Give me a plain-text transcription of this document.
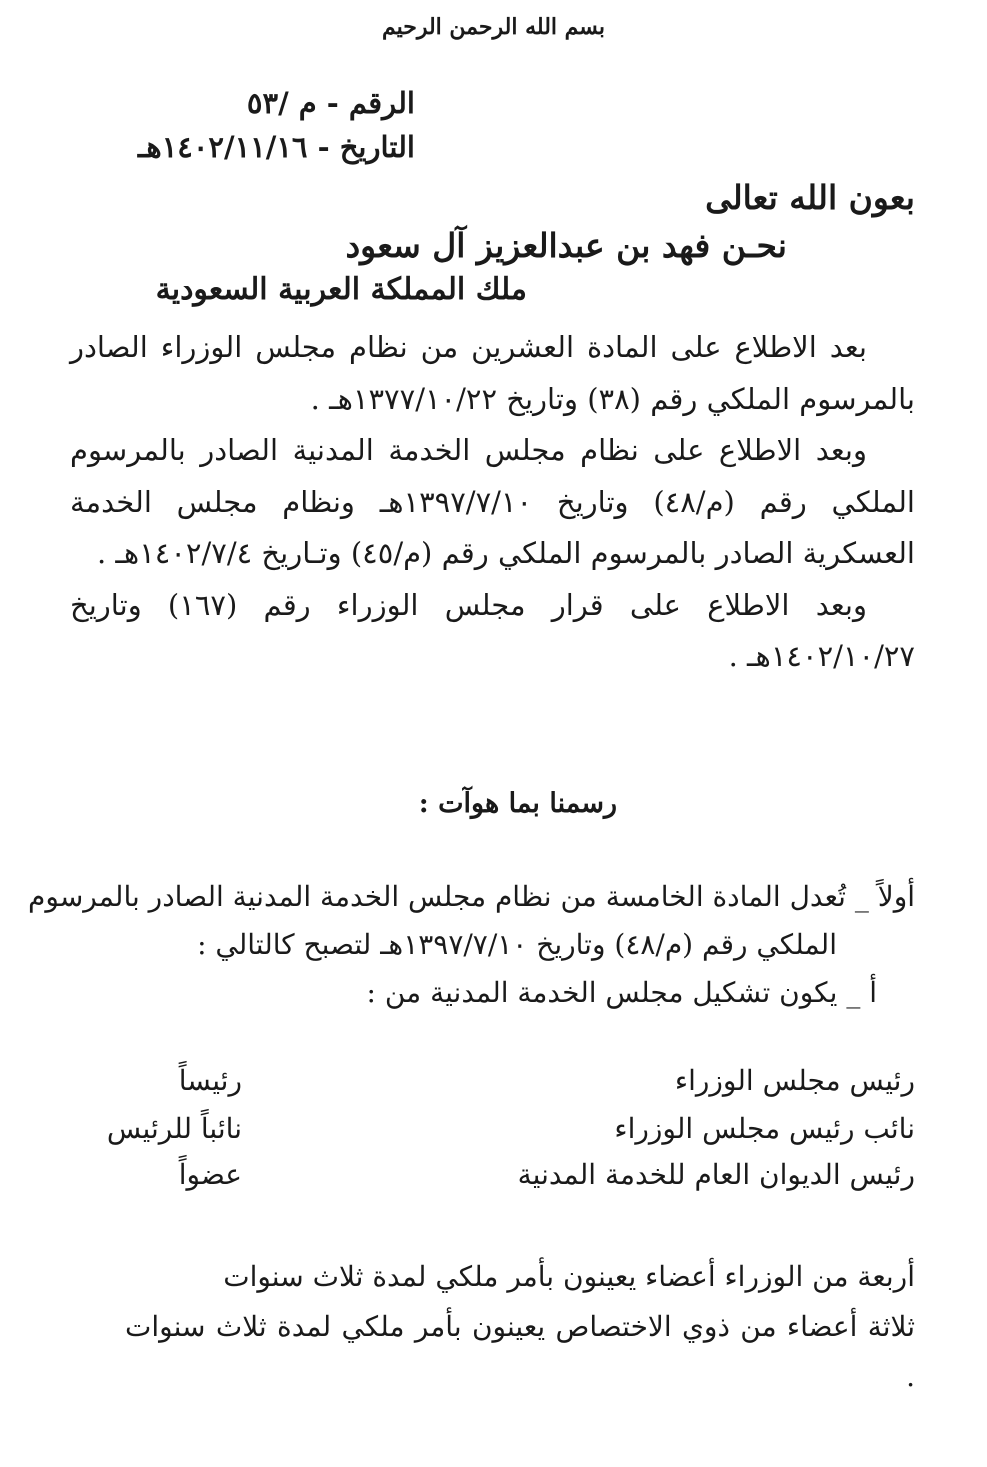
بسم الله الرحمن الرحيم
الرقم - م /٥٣
التاريخ - ١٤٠٢/١١/١٦هـ
بعون الله تعالى
نحـن فهد بن عبدالعزيز آل سعود
ملك المملكة العربية السعودية

بعد الاطلاع على المادة العشرين من نظام مجلس الوزراء الصادر بالمرسوم الملكي رقم (٣٨) وتاريخ ١٣٧٧/١٠/٢٢هـ .

وبعد الاطلاع على نظام مجلس الخدمة المدنية الصادر بالمرسوم الملكي رقم (م/٤٨) وتاريخ ١٣٩٧/٧/١٠هـ ونظام مجلس الخدمة العسكرية الصادر بالمرسوم الملكي رقم (م/٤٥) وتـاريخ ١٤٠٢/٧/٤هـ .

وبعد الاطلاع على قرار مجلس الوزراء رقم (١٦٧) وتاريخ ١٤٠٢/١٠/٢٧هـ .

رسمنا بما هوآت :
أولاً _ تُعدل المادة الخامسة من نظام مجلس الخدمة المدنية الصادر بالمرسوم
الملكي رقم (م/٤٨) وتاريخ ١٣٩٧/٧/١٠هـ لتصبح كالتالي :
أ _ يكون تشكيل مجلس الخدمة المدنية من :
رئيس مجلس الوزراء
رئيساً
نائب رئيس مجلس الوزراء
نائباً للرئيس
رئيس الديوان العام للخدمة المدنية
عضواً

أربعة من الوزراء أعضاء يعينون بأمر ملكي لمدة ثلاث سنوات

ثلاثة أعضاء من ذوي الاختصاص يعينون بأمر ملكي لمدة ثلاث سنوات .
